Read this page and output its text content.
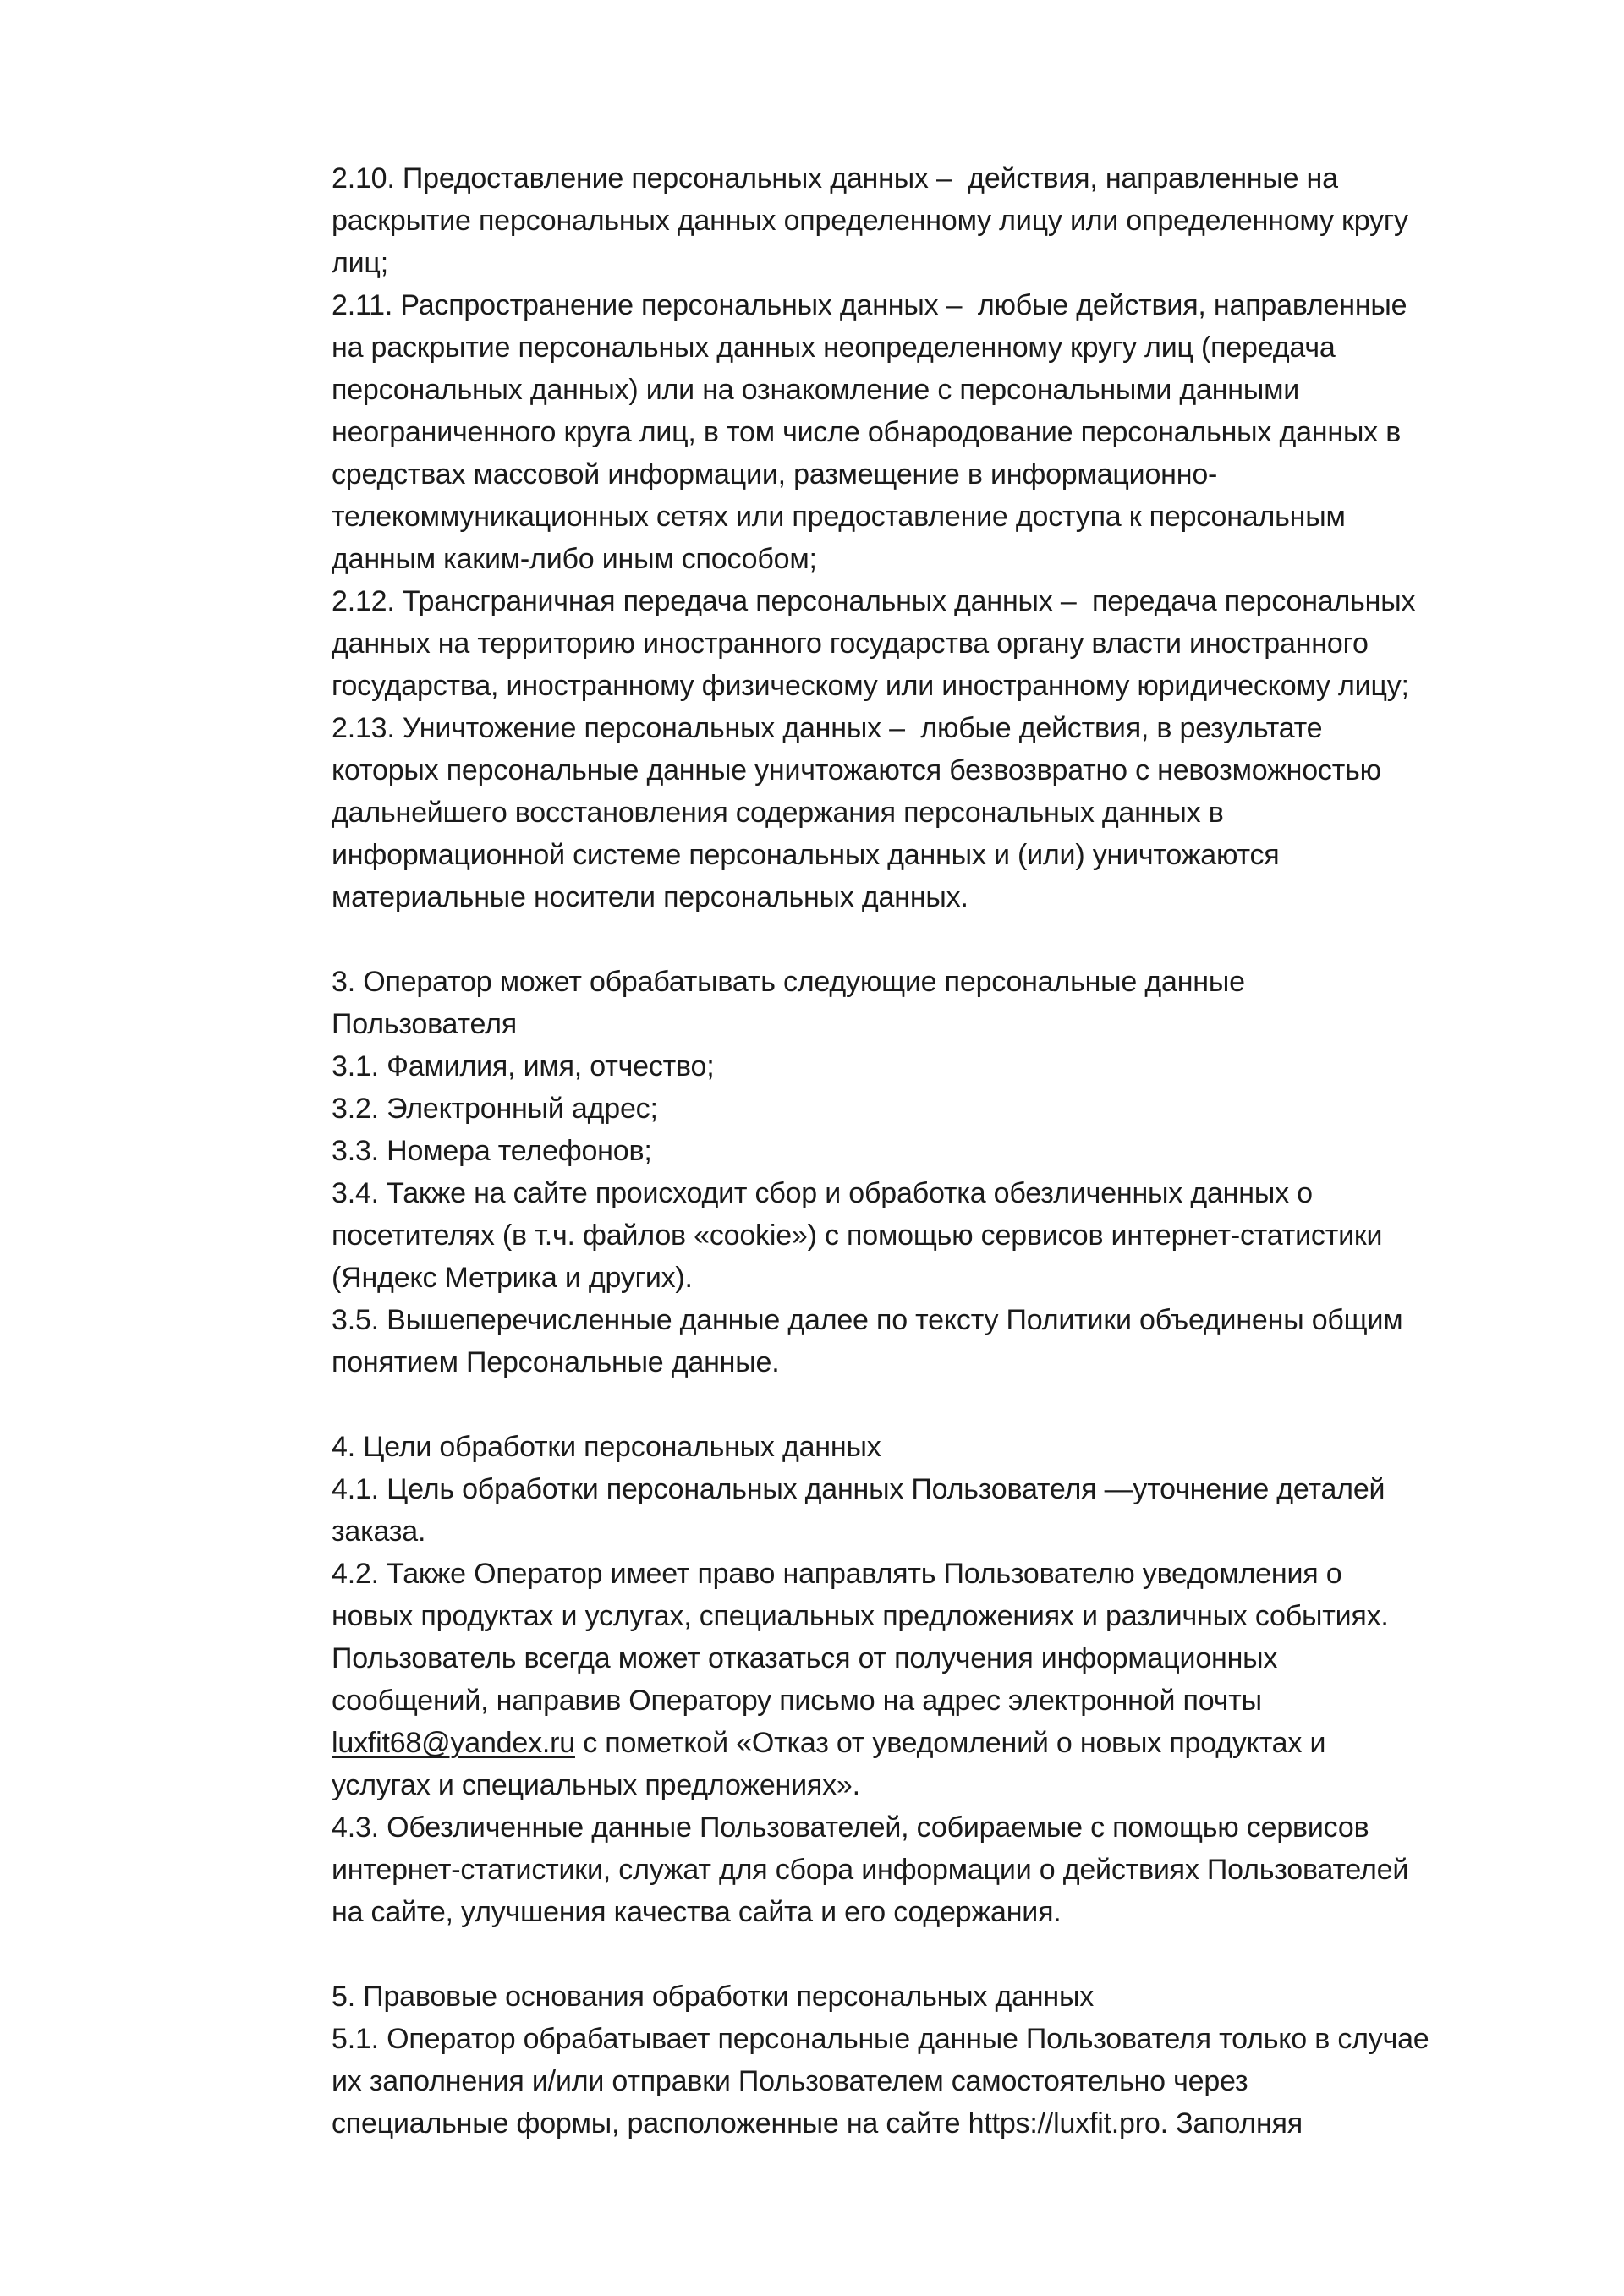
2.10. Предоставление персональных данных –  действия, направленные на
раскрытие персональных данных определенному лицу или определенному кругу
лиц;
2.11. Распространение персональных данных –  любые действия, направленные
на раскрытие персональных данных неопределенному кругу лиц (передача
персональных данных) или на ознакомление с персональными данными
неограниченного круга лиц, в том числе обнародование персональных данных в
средствах массовой информации, размещение в информационно-
телекоммуникационных сетях или предоставление доступа к персональным
данным каким-либо иным способом;
2.12. Трансграничная передача персональных данных –  передача персональных
данных на территорию иностранного государства органу власти иностранного
государства, иностранному физическому или иностранному юридическому лицу;
2.13. Уничтожение персональных данных –  любые действия, в результате
которых персональные данные уничтожаются безвозвратно с невозможностью
дальнейшего восстановления содержания персональных данных в
информационной системе персональных данных и (или) уничтожаются
материальные носители персональных данных.
3. Оператор может обрабатывать следующие персональные данные
Пользователя
3.1. Фамилия, имя, отчество;
3.2. Электронный адрес;
3.3. Номера телефонов;
3.4. Также на сайте происходит сбор и обработка обезличенных данных о
посетителях (в т.ч. файлов «cookie») с помощью сервисов интернет-статистики
(Яндекс Метрика и других).
3.5. Вышеперечисленные данные далее по тексту Политики объединены общим
понятием Персональные данные.
4. Цели обработки персональных данных
4.1. Цель обработки персональных данных Пользователя —уточнение деталей
заказа.
4.2. Также Оператор имеет право направлять Пользователю уведомления о
новых продуктах и услугах, специальных предложениях и различных событиях.
Пользователь всегда может отказаться от получения информационных
сообщений, направив Оператору письмо на адрес электронной почты
luxfit68@yandex.ru с пометкой «Отказ от уведомлений о новых продуктах и
услугах и специальных предложениях».
4.3. Обезличенные данные Пользователей, собираемые с помощью сервисов
интернет-статистики, служат для сбора информации о действиях Пользователей
на сайте, улучшения качества сайта и его содержания.
5. Правовые основания обработки персональных данных
5.1. Оператор обрабатывает персональные данные Пользователя только в случае
их заполнения и/или отправки Пользователем самостоятельно через
специальные формы, расположенные на сайте https://luxfit.pro. Заполняя
